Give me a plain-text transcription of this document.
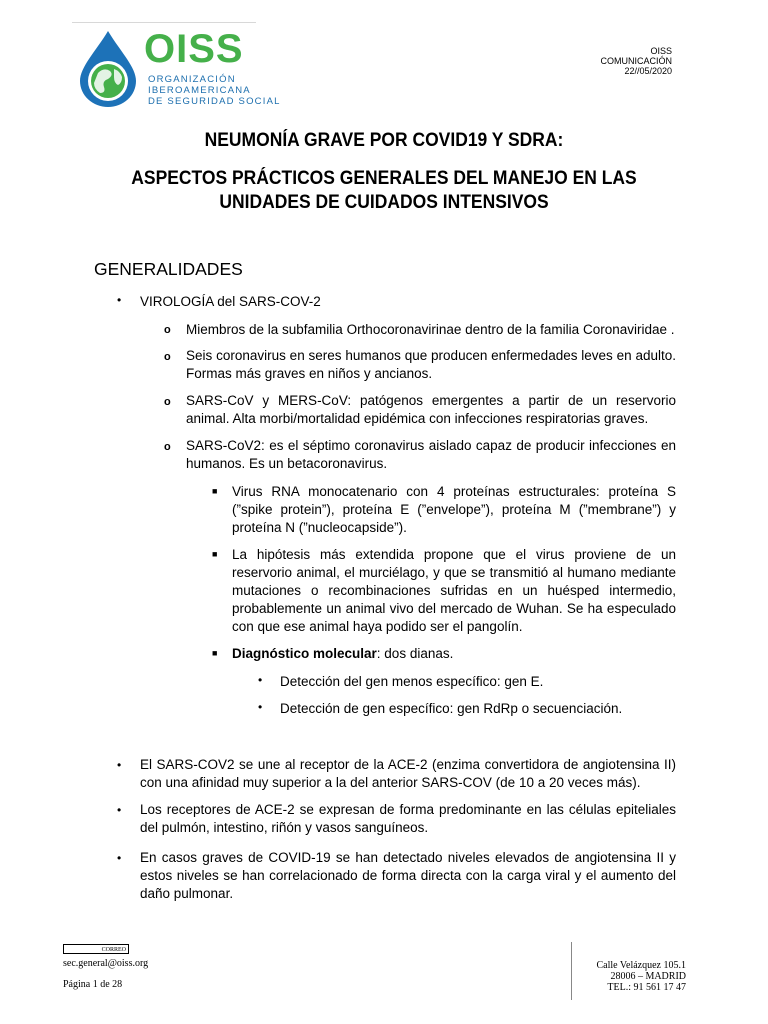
OISS
ORGANIZACIÓN
IBEROAMERICANA
DE SEGURIDAD SOCIAL
OISS
COMUNICACIÓN
22//05/2020
NEUMONÍA GRAVE POR COVID19 Y SDRA:
ASPECTOS PRÁCTICOS GENERALES DEL MANEJO EN LAS
UNIDADES DE CUIDADOS INTENSIVOS
GENERALIDADES
• VIROLOGÍA del SARS-COV-2
o Miembros de la subfamilia Orthocoronavirinae dentro de la familia Coronaviridae .
o Seis coronavirus en seres humanos que producen enfermedades leves en adulto. Formas más graves en niños y ancianos.
o SARS-CoV y MERS-CoV: patógenos emergentes a partir de un reservorio animal. Alta morbi/mortalidad epidémica con infecciones respiratorias graves.
o SARS-CoV2: es el séptimo coronavirus aislado capaz de producir infecciones en humanos. Es un betacoronavirus.
■ Virus RNA monocatenario con 4 proteínas estructurales: proteína S (”spike protein”), proteína E (”envelope”), proteína M (”membrane”) y proteína N (”nucleocapside”).
■ La hipótesis más extendida propone que el virus proviene de un reservorio animal, el murciélago, y que se transmitió al humano mediante mutaciones o recombinaciones sufridas en un huésped intermedio, probablemente un animal vivo del mercado de Wuhan. Se ha especulado con que ese animal haya podido ser el pangolín.
■ Diagnóstico molecular: dos dianas.
• Detección del gen menos específico: gen E.
• Detección de gen específico: gen RdRp o secuenciación.
• El SARS-COV2 se une al receptor de la ACE-2 (enzima convertidora de angiotensina II) con una afinidad muy superior a la del anterior SARS-COV (de 10 a 20 veces más).
• Los receptores de ACE-2 se expresan de forma predominante en las células epiteliales del pulmón, intestino, riñón y vasos sanguíneos.
• En casos graves de COVID-19 se han detectado niveles elevados de angiotensina II y estos niveles se han correlacionado de forma directa con la carga viral y el aumento del daño pulmonar.
CORREO
sec.general@oiss.org
Página 1 de 28
Calle Velázquez 105.1
28006 – MADRID
TEL.: 91 561 17 47
